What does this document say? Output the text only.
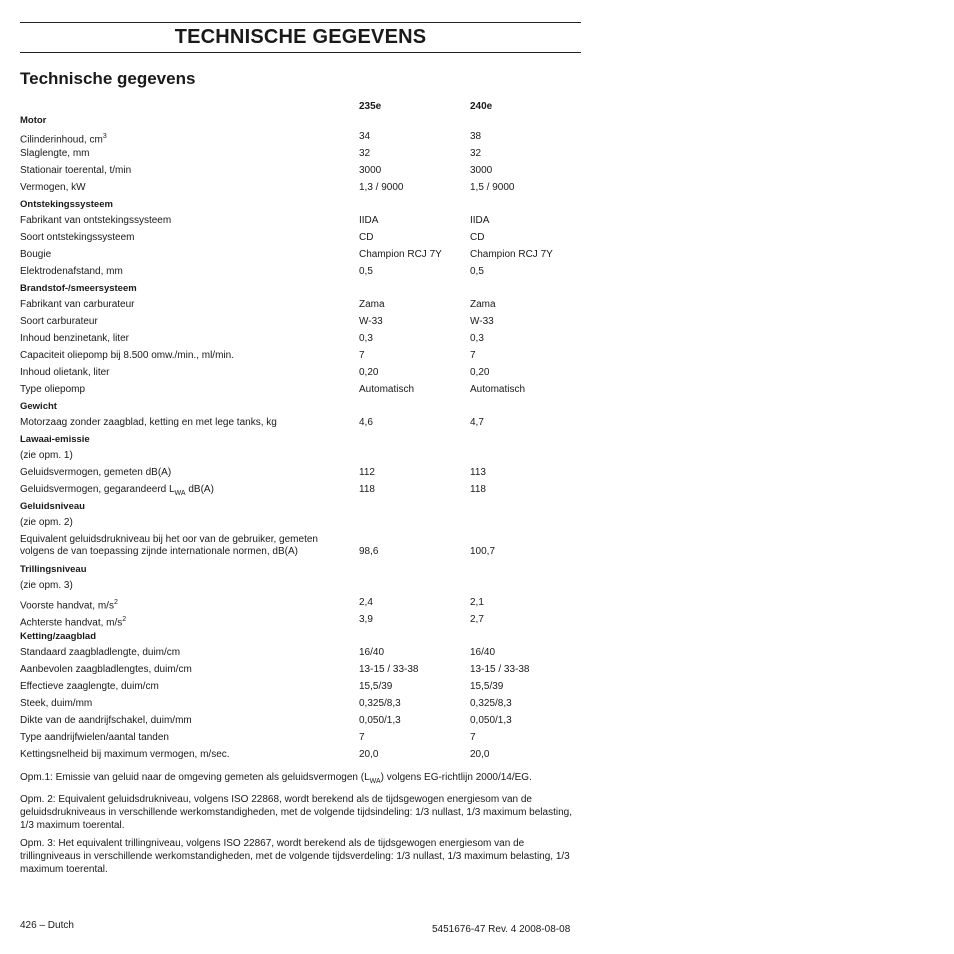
TECHNISCHE GEGEVENS
Technische gegevens
235e	240e
Motor
Cilinderinhoud, $cm^3$	34	38
Slaglengte, mm	32	32
Stationair toerental, t/min	3000	3000
Vermogen, kW	1,3 / 9000	1,5 / 9000
Ontstekingssysteem
Fabrikant van ontstekingssysteem	IIDA	IIDA
Soort ontstekingssysteem	CD	CD
Bougie	Champion RCJ 7Y	Champion RCJ 7Y
Elektrodenafstand, mm	0,5	0,5
Brandstof-/smeersysteem
Fabrikant van carburateur	Zama	Zama
Soort carburateur	W-33	W-33
Inhoud benzinetank, liter	0,3	0,3
Capaciteit oliepomp bij 8.500 omw./min., ml/min.	7	7
Inhoud olietank, liter	0,20	0,20
Type oliepomp	Automatisch	Automatisch
Gewicht
Motorzaag zonder zaagblad, ketting en met lege tanks, kg	4,6	4,7
Lawaai-emissie
(zie opm. 1)
Geluidsvermogen, gemeten dB(A)	112	113
Geluidsvermogen, gegarandeerd $L_{WA}$ dB(A)	118	118
Geluidsniveau
(zie opm. 2)
Equivalent geluidsdrukniveau bij het oor van de gebruiker, gemeten
volgens de van toepassing zijnde internationale normen, dB(A)	98,6	100,7
Trillingsniveau
(zie opm. 3)
Voorste handvat, $m/s^2$	2,4	2,1
Achterste handvat, $m/s^2$	3,9	2,7
Ketting/zaagblad
Standaard zaagbladlengte, duim/cm	16/40	16/40
Aanbevolen zaagbladlengtes, duim/cm	13-15 / 33-38	13-15 / 33-38
Effectieve zaaglengte, duim/cm	15,5/39	15,5/39
Steek, duim/mm	0,325/8,3	0,325/8,3
Dikte van de aandrijfschakel, duim/mm	0,050/1,3	0,050/1,3
Type aandrijfwielen/aantal tanden	7	7
Kettingsnelheid bij maximum vermogen, m/sec.	20,0	20,0

Opm.1: Emissie van geluid naar de omgeving gemeten als geluidsvermogen $(L_{WA})$ volgens EG-richtlijn 2000/14/EG.

Opm. 2: Equivalent geluidsdrukniveau, volgens ISO 22868, wordt berekend als de tijdsgewogen energiesom van de geluidsdrukniveaus in verschillende werkomstandigheden, met de volgende tijdsindeling: 1/3 nullast, 1/3 maximum belasting, 1/3 maximum toerental.

Opm. 3: Het equivalent trillingniveau, volgens ISO 22867, wordt berekend als de tijdsgewogen energiesom van de trillingniveaus in verschillende werkomstandigheden, met de volgende tijdsverdeling: 1/3 nullast, 1/3 maximum belasting, 1/3 maximum toerental.

426 – Dutch	5451676-47 Rev. 4 2008-08-08
